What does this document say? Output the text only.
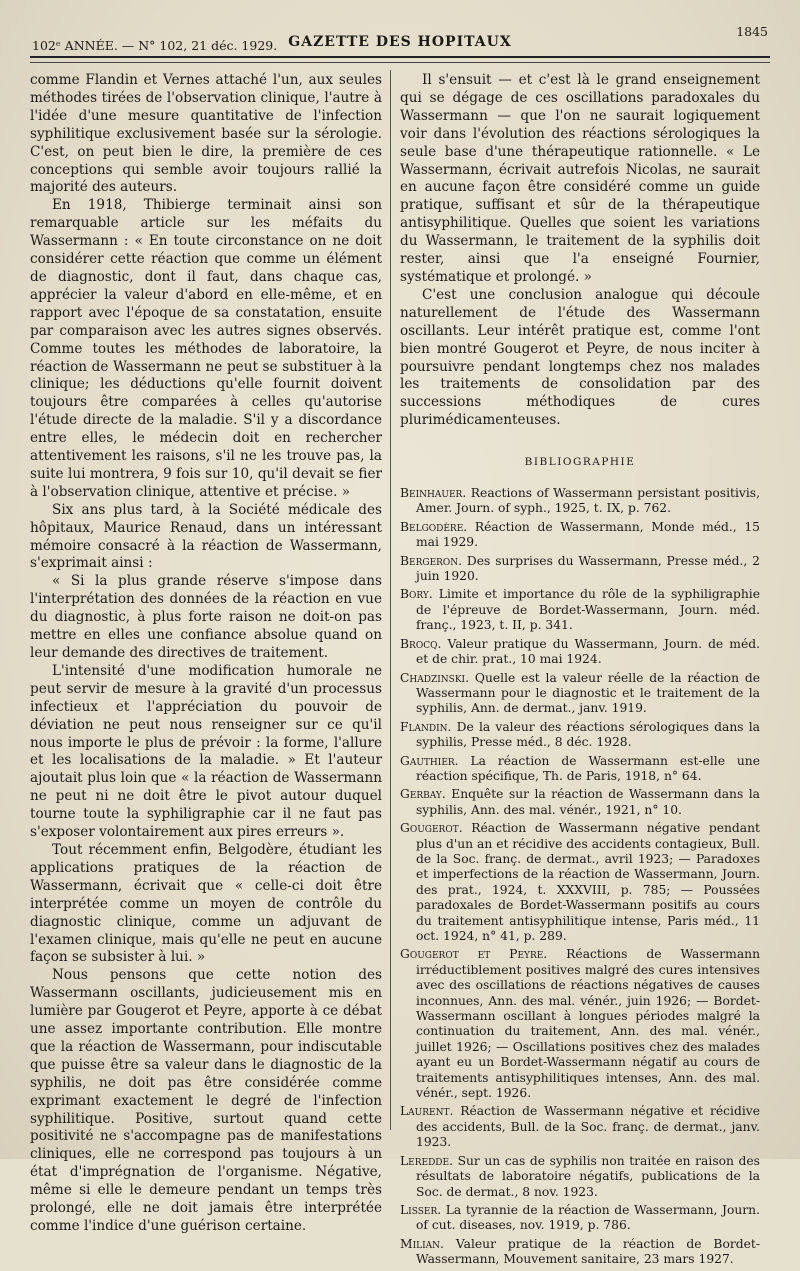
102ᵉ ANNÉE. — N° 102, 21 déc. 1929. GAZETTE DES HOPITAUX
1845

comme Flandin et Vernes attaché l'un, aux seules méthodes tirées de l'observation clinique, l'autre à l'idée d'une mesure quantitative de l'infection syphilitique exclusivement basée sur la sérologie. C'est, on peut bien le dire, la première de ces conceptions qui semble avoir toujours rallié la majorité des auteurs.

En 1918, Thibierge terminait ainsi son remarquable article sur les méfaits du Wassermann : « En toute circonstance on ne doit considérer cette réaction que comme un élément de diagnostic, dont il faut, dans chaque cas, apprécier la valeur d'abord en elle-même, et en rapport avec l'époque de sa constatation, ensuite par comparaison avec les autres signes observés. Comme toutes les méthodes de laboratoire, la réaction de Wassermann ne peut se substituer à la clinique; les déductions qu'elle fournit doivent toujours être comparées à celles qu'autorise l'étude directe de la maladie. S'il y a discordance entre elles, le médecin doit en rechercher attentivement les raisons, s'il ne les trouve pas, la suite lui montrera, 9 fois sur 10, qu'il devait se fier à l'observation clinique, attentive et précise. »

Six ans plus tard, à la Société médicale des hôpitaux, Maurice Renaud, dans un intéressant mémoire consacré à la réaction de Wassermann, s'exprimait ainsi :

« Si la plus grande réserve s'impose dans l'interprétation des données de la réaction en vue du diagnostic, à plus forte raison ne doit-on pas mettre en elles une confiance absolue quand on leur demande des directives de traitement.

L'intensité d'une modification humorale ne peut servir de mesure à la gravité d'un processus infectieux et l'appréciation du pouvoir de déviation ne peut nous renseigner sur ce qu'il nous importe le plus de prévoir : la forme, l'allure et les localisations de la maladie. » Et l'auteur ajoutait plus loin que « la réaction de Wassermann ne peut ni ne doit être le pivot autour duquel tourne toute la syphiligraphie car il ne faut pas s'exposer volontairement aux pires erreurs ».

Tout récemment enfin, Belgodère, étudiant les applications pratiques de la réaction de Wassermann, écrivait que « celle-ci doit être interprétée comme un moyen de contrôle du diagnostic clinique, comme un adjuvant de l'examen clinique, mais qu'elle ne peut en aucune façon se subsister à lui. »

Nous pensons que cette notion des Wassermann oscillants, judicieusement mis en lumière par Gougerot et Peyre, apporte à ce débat une assez importante contribution. Elle montre que la réaction de Wassermann, pour indiscutable que puisse être sa valeur dans le diagnostic de la syphilis, ne doit pas être considérée comme exprimant exactement le degré de l'infection syphilitique. Positive, surtout quand cette positivité ne s'accompagne pas de manifestations cliniques, elle ne correspond pas toujours à un état d'imprégnation de l'organisme. Négative, même si elle le demeure pendant un temps très prolongé, elle ne doit jamais être interprétée comme l'indice d'une guérison certaine.

Il s'ensuit — et c'est là le grand enseignement qui se dégage de ces oscillations paradoxales du Wassermann — que l'on ne saurait logiquement voir dans l'évolution des réactions sérologiques la seule base d'une thérapeutique rationnelle. « Le Wassermann, écrivait autrefois Nicolas, ne saurait en aucune façon être considéré comme un guide pratique, suffisant et sûr de la thérapeutique antisyphilitique. Quelles que soient les variations du Wassermann, le traitement de la syphilis doit rester, ainsi que l'a enseigné Fournier, systématique et prolongé. »

C'est une conclusion analogue qui découle naturellement de l'étude des Wassermann oscillants. Leur intérêt pratique est, comme l'ont bien montré Gougerot et Peyre, de nous inciter à poursuivre pendant longtemps chez nos malades les traitements de consolidation par des successions méthodiques de cures plurimédicamenteuses.

BIBLIOGRAPHIE
Beinhauer. Reactions of Wassermann persistant positivis, Amer. Journ. of syph., 1925, t. IX, p. 762.
Belgodère. Réaction de Wassermann, Monde méd., 15 mai 1929.
Bergeron. Des surprises du Wassermann, Presse méd., 2 juin 1920.
Bory. Limite et importance du rôle de la syphiligraphie de l'épreuve de Bordet-Wassermann, Journ. méd. franç., 1923, t. II, p. 341.
Brocq. Valeur pratique du Wassermann, Journ. de méd. et de chir. prat., 10 mai 1924.
Chadzinski. Quelle est la valeur réelle de la réaction de Wassermann pour le diagnostic et le traitement de la syphilis, Ann. de dermat., janv. 1919.
Flandin. De la valeur des réactions sérologiques dans la syphilis, Presse méd., 8 déc. 1928.
Gauthier. La réaction de Wassermann est-elle une réaction spécifique, Th. de Paris, 1918, n° 64.
Gerbay. Enquête sur la réaction de Wassermann dans la syphilis, Ann. des mal. vénér., 1921, n° 10.
Gougerot. Réaction de Wassermann négative pendant plus d'un an et récidive des accidents contagieux, Bull. de la Soc. franç. de dermat., avril 1923; — Paradoxes et imperfections de la réaction de Wassermann, Journ. des prat., 1924, t. XXXVIII, p. 785; — Poussées paradoxales de Bordet-Wassermann positifs au cours du traitement antisyphilitique intense, Paris méd., 11 oct. 1924, n° 41, p. 289.
Gougerot et Peyre. Réactions de Wassermann irréductiblement positives malgré des cures intensives avec des oscillations de réactions négatives de causes inconnues, Ann. des mal. vénér., juin 1926; — Bordet-Wassermann oscillant à longues périodes malgré la continuation du traitement, Ann. des mal. vénér., juillet 1926; — Oscillations positives chez des malades ayant eu un Bordet-Wassermann négatif au cours de traitements antisyphilitiques intenses, Ann. des mal. vénér., sept. 1926.
Laurent. Réaction de Wassermann négative et récidive des accidents, Bull. de la Soc. franç. de dermat., janv. 1923.
Leredde. Sur un cas de syphilis non traitée en raison des résultats de laboratoire négatifs, publications de la Soc. de dermat., 8 nov. 1923.
Lisser. La tyrannie de la réaction de Wassermann, Journ. of cut. diseases, nov. 1919, p. 786.
Milian. Valeur pratique de la réaction de Bordet-Wassermann, Mouvement sanitaire, 23 mars 1927.
